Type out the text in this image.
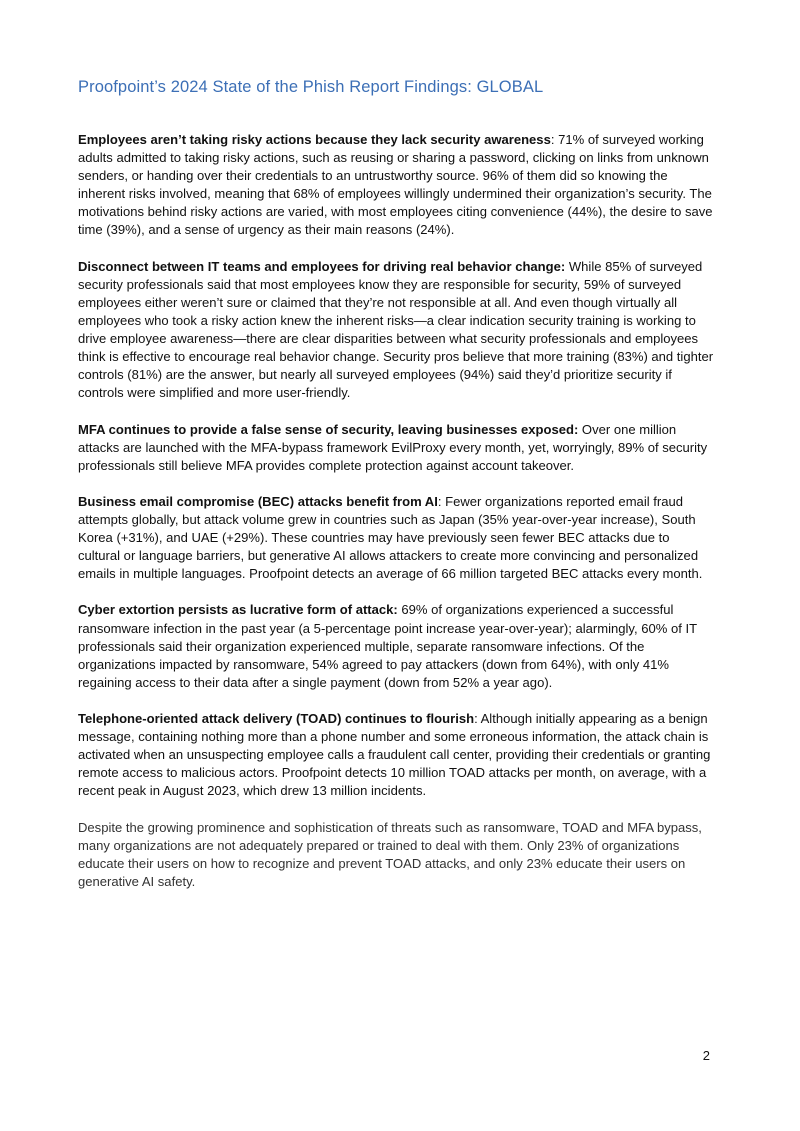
Proofpoint’s 2024 State of the Phish Report Findings: GLOBAL

Employees aren’t taking risky actions because they lack security awareness: 71% of surveyed working adults admitted to taking risky actions, such as reusing or sharing a password, clicking on links from unknown senders, or handing over their credentials to an untrustworthy source. 96% of them did so knowing the inherent risks involved, meaning that 68% of employees willingly undermined their organization’s security. The motivations behind risky actions are varied, with most employees citing convenience (44%), the desire to save time (39%), and a sense of urgency as their main reasons (24%).

Disconnect between IT teams and employees for driving real behavior change: While 85% of surveyed security professionals said that most employees know they are responsible for security, 59% of surveyed employees either weren’t sure or claimed that they’re not responsible at all. And even though virtually all employees who took a risky action knew the inherent risks—a clear indication security training is working to drive employee awareness—there are clear disparities between what security professionals and employees think is effective to encourage real behavior change. Security pros believe that more training (83%) and tighter controls (81%) are the answer, but nearly all surveyed employees (94%) said they’d prioritize security if controls were simplified and more user-friendly.

MFA continues to provide a false sense of security, leaving businesses exposed: Over one million attacks are launched with the MFA-bypass framework EvilProxy every month, yet, worryingly, 89% of security professionals still believe MFA provides complete protection against account takeover.

Business email compromise (BEC) attacks benefit from AI: Fewer organizations reported email fraud attempts globally, but attack volume grew in countries such as Japan (35% year-over-year increase), South Korea (+31%), and UAE (+29%). These countries may have previously seen fewer BEC attacks due to cultural or language barriers, but generative AI allows attackers to create more convincing and personalized emails in multiple languages. Proofpoint detects an average of 66 million targeted BEC attacks every month.

Cyber extortion persists as lucrative form of attack: 69% of organizations experienced a successful ransomware infection in the past year (a 5-percentage point increase year-over-year); alarmingly, 60% of IT professionals said their organization experienced multiple, separate ransomware infections. Of the organizations impacted by ransomware, 54% agreed to pay attackers (down from 64%), with only 41% regaining access to their data after a single payment (down from 52% a year ago).

Telephone-oriented attack delivery (TOAD) continues to flourish: Although initially appearing as a benign message, containing nothing more than a phone number and some erroneous information, the attack chain is activated when an unsuspecting employee calls a fraudulent call center, providing their credentials or granting remote access to malicious actors. Proofpoint detects 10 million TOAD attacks per month, on average, with a recent peak in August 2023, which drew 13 million incidents.

Despite the growing prominence and sophistication of threats such as ransomware, TOAD and MFA bypass, many organizations are not adequately prepared or trained to deal with them. Only 23% of organizations educate their users on how to recognize and prevent TOAD attacks, and only 23% educate their users on generative AI safety.

2
